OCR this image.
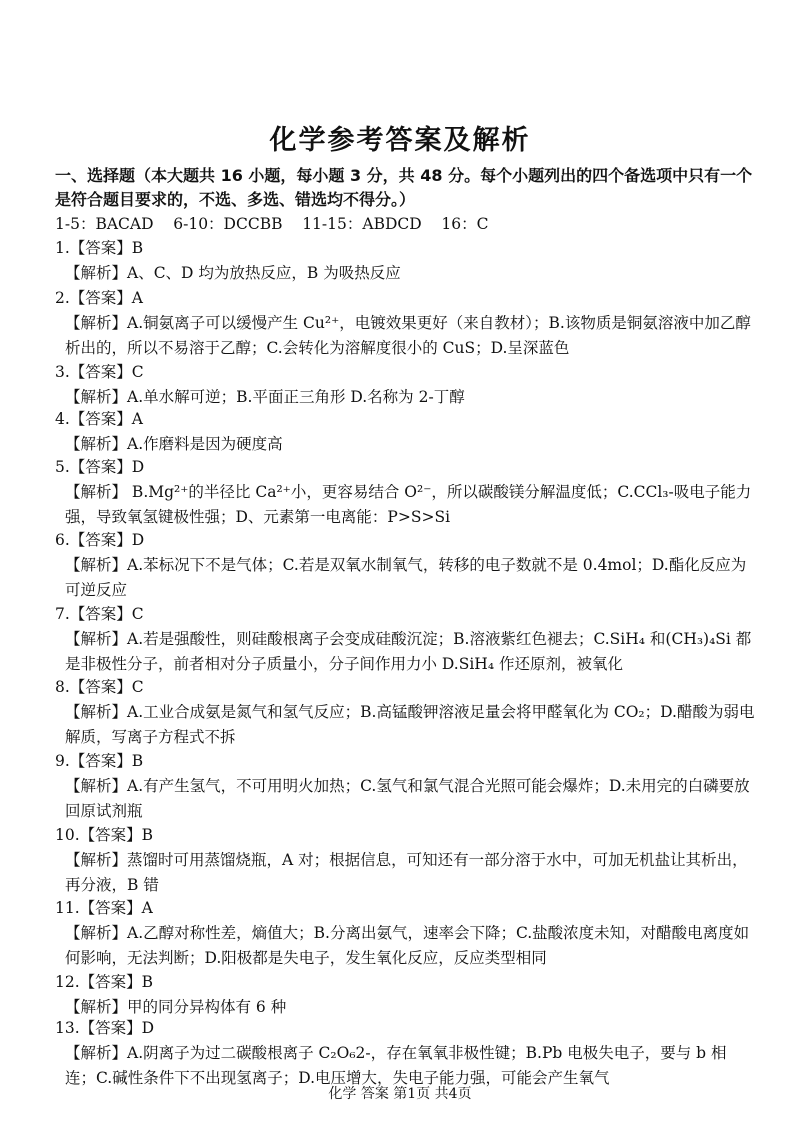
化学参考答案及解析
一、选择题（本大题共 16 小题，每小题 3 分，共 48 分。每个小题列出的四个备选项中只有一个是符合题目要求的，不选、多选、错选均不得分。）
1-5：BACAD    6-10：DCCBB    11-15：ABDCD    16：C
1.【答案】B
【解析】A、C、D 均为放热反应，B 为吸热反应
2.【答案】A
【解析】A.铜氨离子可以缓慢产生 Cu²⁺，电镀效果更好（来自教材）；B.该物质是铜氨溶液中加乙醇析出的，所以不易溶于乙醇；C.会转化为溶解度很小的 CuS；D.呈深蓝色
3.【答案】C
【解析】A.单水解可逆；B.平面正三角形 D.名称为 2-丁醇
4.【答案】A
【解析】A.作磨料是因为硬度高
5.【答案】D
【解析】 B.Mg²⁺的半径比 Ca²⁺小，更容易结合 O²⁻，所以碳酸镁分解温度低；C.CCl₃-吸电子能力强，导致氧氢键极性强；D、元素第一电离能：P>S>Si
6.【答案】D
【解析】A.苯标况下不是气体；C.若是双氧水制氧气，转移的电子数就不是 0.4mol；D.酯化反应为可逆反应
7.【答案】C
【解析】A.若是强酸性，则硅酸根离子会变成硅酸沉淀；B.溶液紫红色褪去；C.SiH₄ 和(CH₃)₄Si 都是非极性分子，前者相对分子质量小，分子间作用力小 D.SiH₄ 作还原剂，被氧化
8.【答案】C
【解析】A.工业合成氨是氮气和氢气反应；B.高锰酸钾溶液足量会将甲醛氧化为 CO₂；D.醋酸为弱电解质，写离子方程式不拆
9.【答案】B
【解析】A.有产生氢气，不可用明火加热；C.氢气和氯气混合光照可能会爆炸；D.未用完的白磷要放回原试剂瓶
10.【答案】B
【解析】蒸馏时可用蒸馏烧瓶，A 对；根据信息，可知还有一部分溶于水中，可加无机盐让其析出，再分液，B 错
11.【答案】A
【解析】A.乙醇对称性差，熵值大；B.分离出氨气，速率会下降；C.盐酸浓度未知，对醋酸电离度如何影响，无法判断；D.阳极都是失电子，发生氧化反应，反应类型相同
12.【答案】B
【解析】甲的同分异构体有 6 种
13.【答案】D
【解析】A.阴离子为过二碳酸根离子 C₂O₆2-，存在氧氧非极性键；B.Pb 电极失电子，要与 b 相连；C.碱性条件下不出现氢离子；D.电压增大，失电子能力强，可能会产生氧气
化学 答案 第1页 共4页
